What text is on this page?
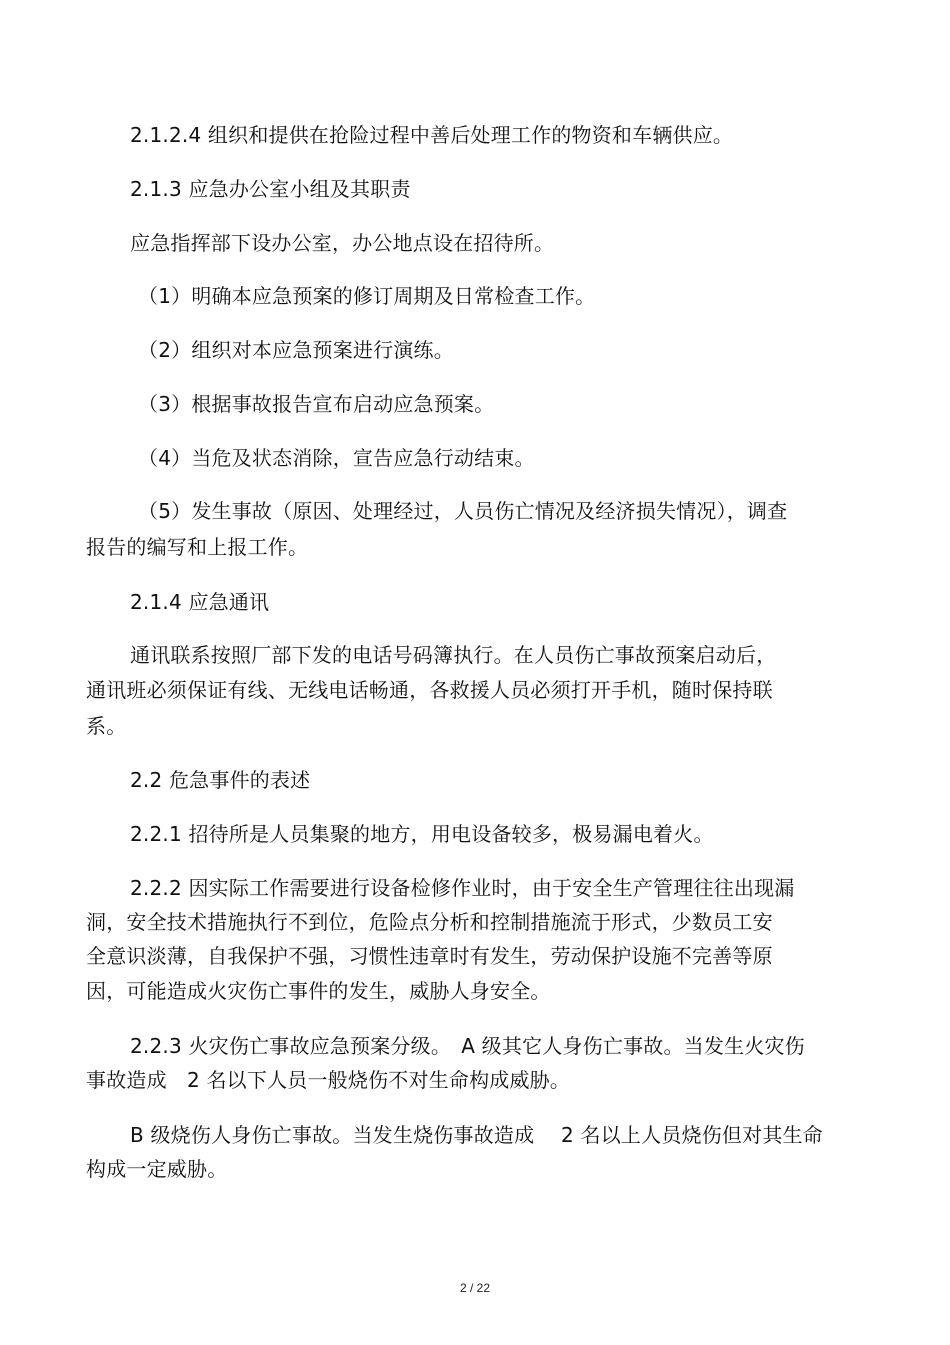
2.1.2.4 组织和提供在抢险过程中善后处理工作的物资和车辆供应。
2.1.3 应急办公室小组及其职责
应急指挥部下设办公室，办公地点设在招待所。
（1）明确本应急预案的修订周期及日常检查工作。
（2）组织对本应急预案进行演练。
（3）根据事故报告宣布启动应急预案。
（4）当危及状态消除，宣告应急行动结束。
（5）发生事故（原因、处理经过，人员伤亡情况及经济损失情况），调查
报告的编写和上报工作。
2.1.4 应急通讯
通讯联系按照厂部下发的电话号码簿执行。在人员伤亡事故预案启动后，
通讯班必须保证有线、无线电话畅通，各救援人员必须打开手机，随时保持联
系。
2.2 危急事件的表述
2.2.1 招待所是人员集聚的地方，用电设备较多，极易漏电着火。
2.2.2 因实际工作需要进行设备检修作业时，由于安全生产管理往往出现漏
洞，安全技术措施执行不到位，危险点分析和控制措施流于形式，少数员工安
全意识淡薄，自我保护不强，习惯性违章时有发生，劳动保护设施不完善等原
因，可能造成火灾伤亡事件的发生，威胁人身安全。
2.2.3 火灾伤亡事故应急预案分级。　A 级其它人身伤亡事故。当发生火灾伤
事故造成　2 名以下人员一般烧伤不对生命构成威胁。
B 级烧伤人身伤亡事故。当发生烧伤事故造成　 2 名以上人员烧伤但对其生命
构成一定威胁。
2 / 22
